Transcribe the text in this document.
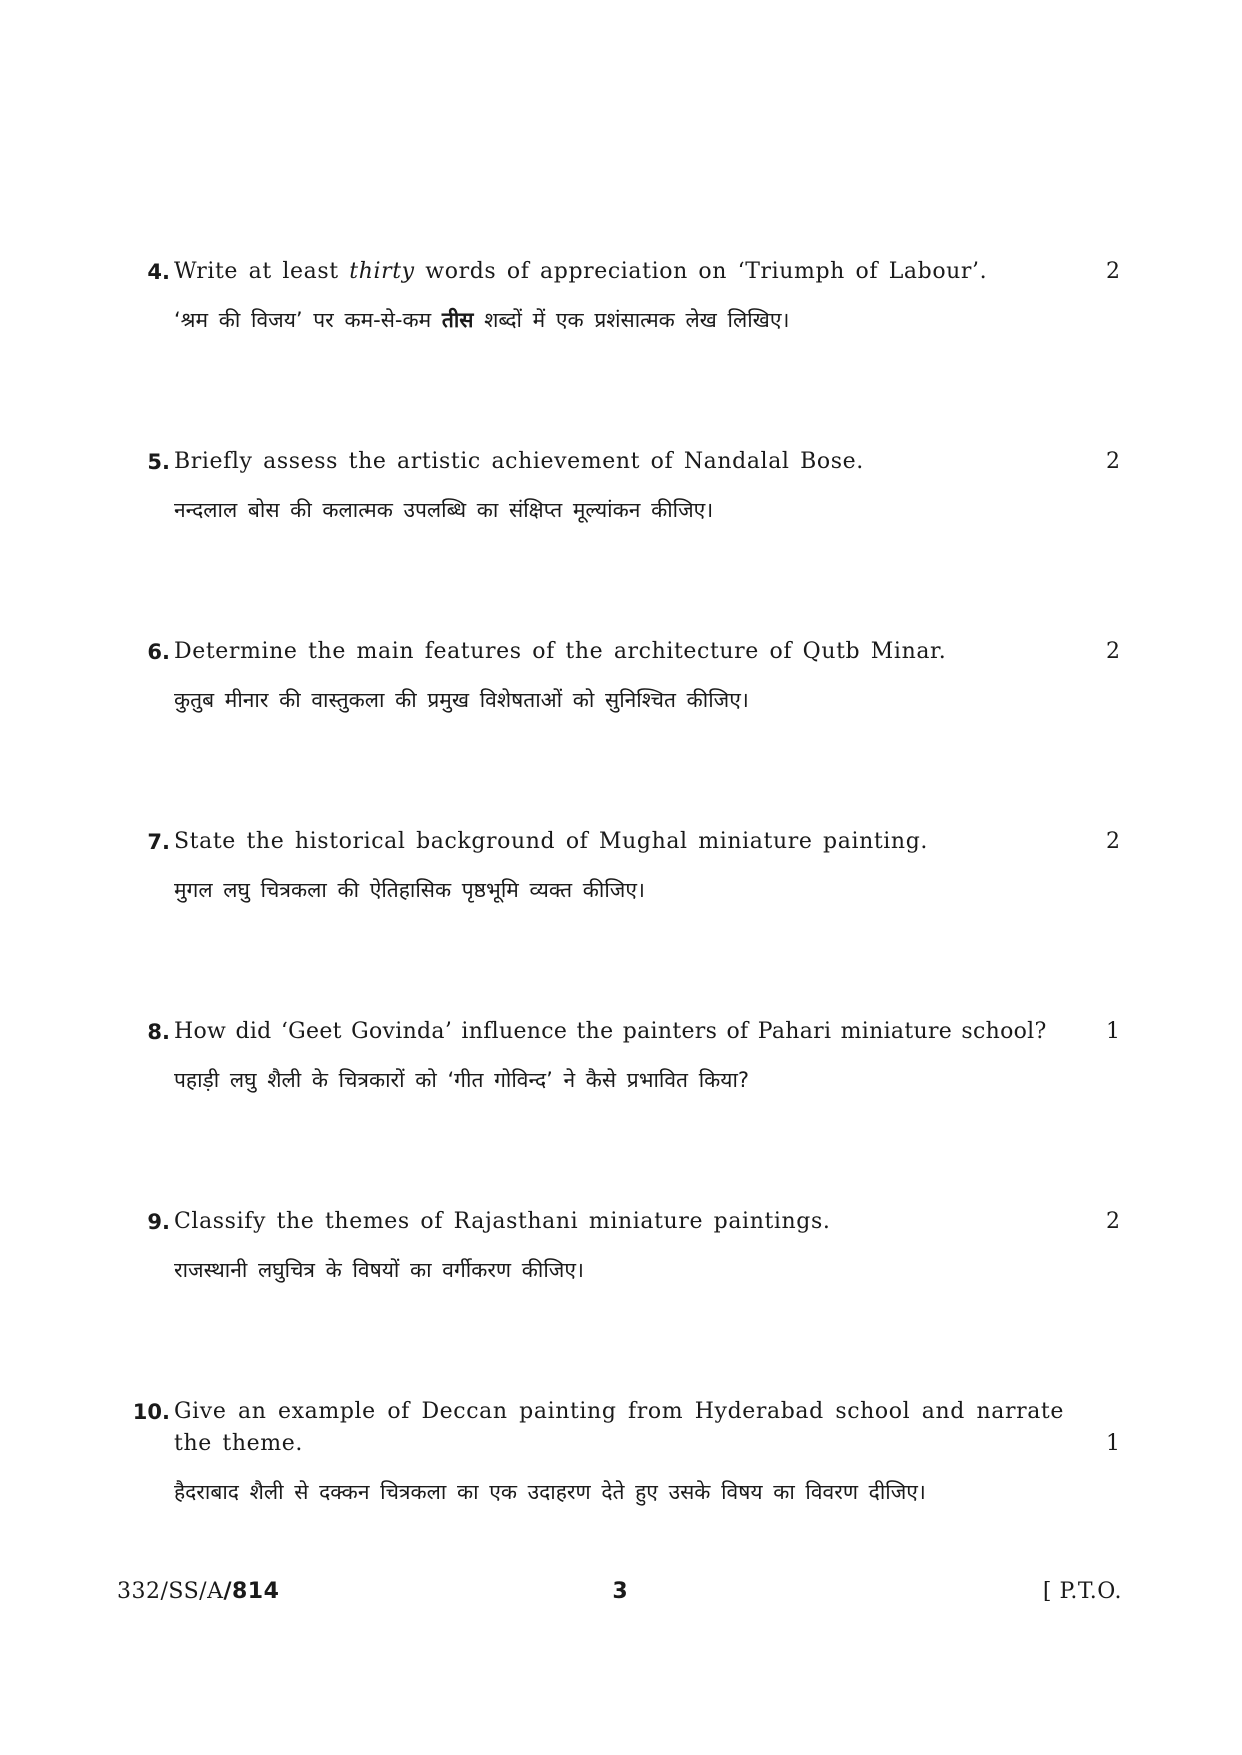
4. Write at least thirty words of appreciation on ‘Triumph of Labour’.	2
‘श्रम की विजय’ पर कम-से-कम तीस शब्दों में एक प्रशंसात्मक लेख लिखिए।
5. Briefly assess the artistic achievement of Nandalal Bose.	2
नन्दलाल बोस की कलात्मक उपलब्धि का संक्षिप्त मूल्यांकन कीजिए।
6. Determine the main features of the architecture of Qutb Minar.	2
कुतुब मीनार की वास्तुकला की प्रमुख विशेषताओं को सुनिश्चित कीजिए।
7. State the historical background of Mughal miniature painting.	2
मुगल लघु चित्रकला की ऐतिहासिक पृष्ठभूमि व्यक्त कीजिए।
8. How did ‘Geet Govinda’ influence the painters of Pahari miniature school?	1
पहाड़ी लघु शैली के चित्रकारों को ‘गीत गोविन्द’ ने कैसे प्रभावित किया?
9. Classify the themes of Rajasthani miniature paintings.	2
राजस्थानी लघुचित्र के विषयों का वर्गीकरण कीजिए।
10. Give an example of Deccan painting from Hyderabad school and narrate the theme.	1
हैदराबाद शैली से दक्कन चित्रकला का एक उदाहरण देते हुए उसके विषय का विवरण दीजिए।
332/SS/A/814	3	[ P.T.O.
